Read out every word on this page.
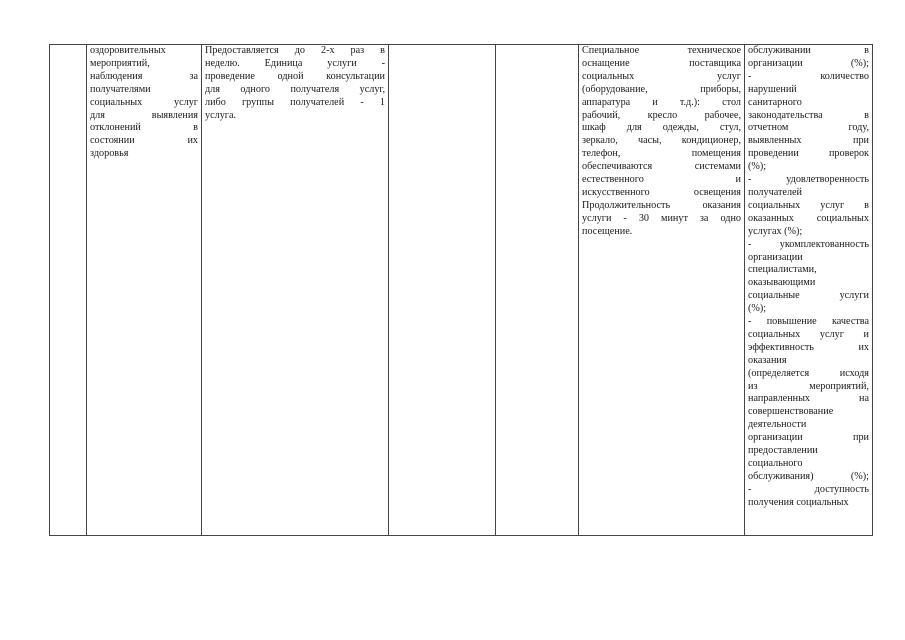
оздоровительных
мероприятий,
наблюдения за
получателями
социальных услуг
для выявления
отклонений в
состоянии их
здоровья

Предоставляется до 2-х раз в
неделю. Единица услуги -
проведение одной консультации
для одного получателя услуг,
либо группы получателей - 1
услуга.

Специальное техническое
оснащение поставщика
социальных услуг
(оборудование, приборы,
аппаратура и т.д.): стол
рабочий, кресло рабочее,
шкаф для одежды, стул,
зеркало, часы, кондиционер,
телефон, помещения
обеспечиваются системами
естественного и
искусственного освещения
Продолжительность оказания
услуги - 30 минут за одно
посещение.

обслуживании в
организации (%);
- количество
нарушений
санитарного
законодательства в
отчетном году,
выявленных при
проведении проверок
(%);
- удовлетворенность
получателей
социальных услуг в
оказанных социальных
услугах (%);
- укомплектованность
организации
специалистами,
оказывающими
социальные услуги
(%);
- повышение качества
социальных услуг и
эффективность их
оказания
(определяется исходя
из мероприятий,
направленных на
совершенствование
деятельности
организации при
предоставлении
социального
обслуживания) (%);
- доступность
получения социальных
